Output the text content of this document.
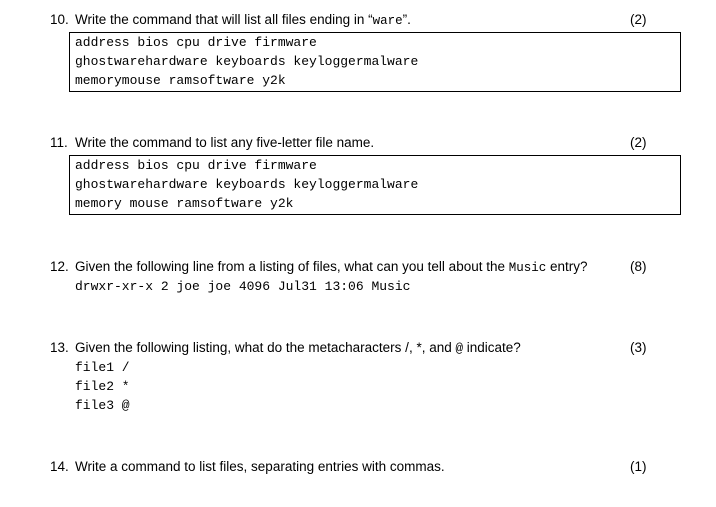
10. Write the command that will list all files ending in “ware”.	(2)
address bios cpu drive firmware
ghostwarehardware keyboards keyloggermalware
memorymouse ramsoftware y2k
11. Write the command to list any five-letter file name.	(2)
address bios cpu drive firmware
ghostwarehardware keyboards keyloggermalware
memory mouse ramsoftware y2k
12. Given the following line from a listing of files, what can you tell about the Music entry?	(8)
drwxr-xr-x 2 joe joe 4096 Jul31 13:06 Music
13. Given the following listing, what do the metacharacters /, *, and @ indicate?	(3)
file1 /
file2 *
file3 @
14. Write a command to list files, separating entries with commas.	(1)
